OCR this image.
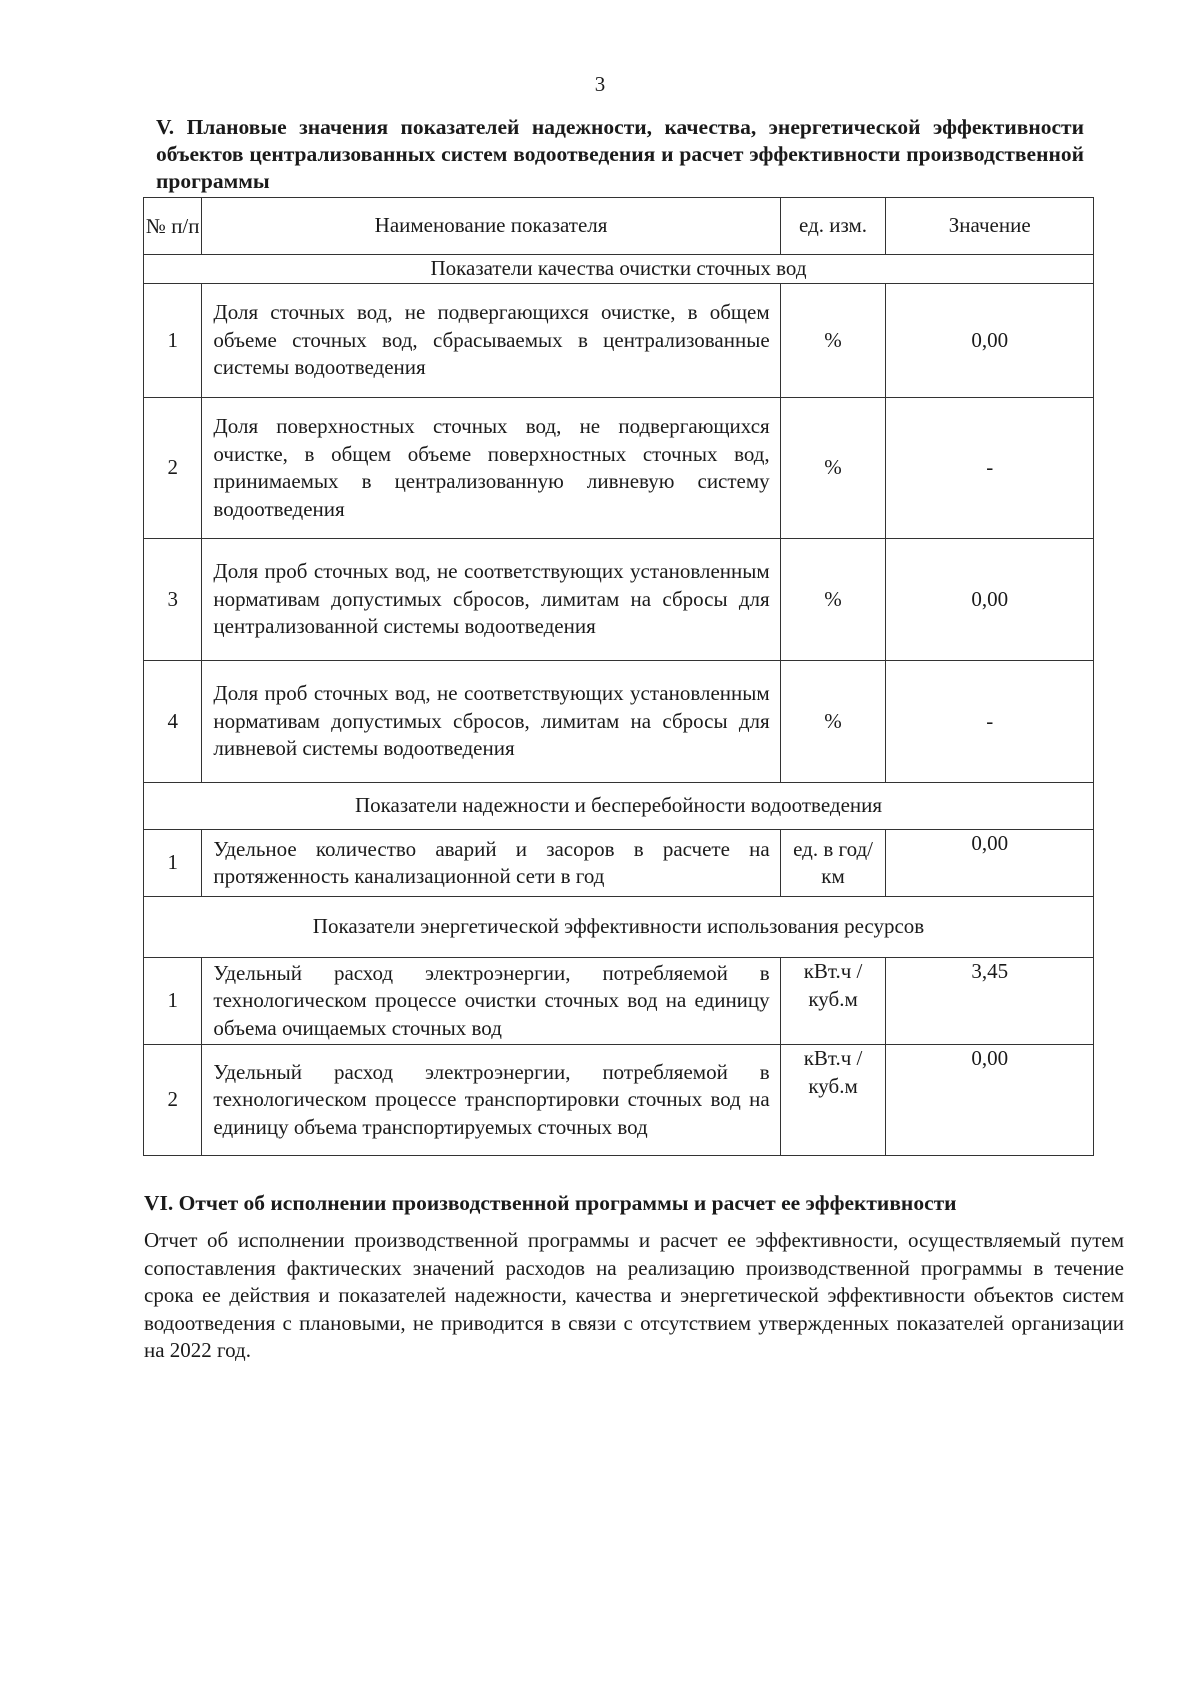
3
V. Плановые значения показателей надежности, качества, энергетической эффективности объектов централизованных систем водоотведения и расчет эффективности производственной программы
№ п/п	Наименование показателя	ед. изм.	Значение
Показатели качества очистки сточных вод			
1	Доля сточных вод, не подвергающихся очистке, в общем объеме сточных вод, сбрасываемых в централизованные системы водоотведения	%	0,00
2	Доля поверхностных сточных вод, не подвергающихся очистке, в общем объеме поверхностных сточных вод, принимаемых в централизованную ливневую систему водоотведения	%	-
3	Доля проб сточных вод, не соответствующих установленным нормативам допустимых сбросов, лимитам на сбросы для централизованной системы водоотведения	%	0,00
4	Доля проб сточных вод, не соответствующих установленным нормативам допустимых сбросов, лимитам на сбросы для ливневой системы водоотведения	%	-
Показатели надежности и бесперебойности водоотведения			
1	Удельное количество аварий и засоров в расчете на протяженность канализационной сети в год	ед. в год/ км	0,00
Показатели энергетической эффективности использования ресурсов			
1	Удельный расход электроэнергии, потребляемой в технологическом процессе очистки сточных вод на единицу объема очищаемых сточных вод	кВт.ч / куб.м	3,45
2	Удельный расход электроэнергии, потребляемой в технологическом процессе транспортировки сточных вод на единицу объема транспортируемых сточных вод	кВт.ч / куб.м	0,00
VI. Отчет об исполнении производственной программы и расчет ее эффективности
Отчет об исполнении производственной программы и расчет ее эффективности, осуществляемый путем сопоставления фактических значений расходов на реализацию производственной программы в течение срока ее действия и показателей надежности, качества и энергетической эффективности объектов систем водоотведения с плановыми, не приводится в связи с отсутствием утвержденных показателей организации на 2022 год.
